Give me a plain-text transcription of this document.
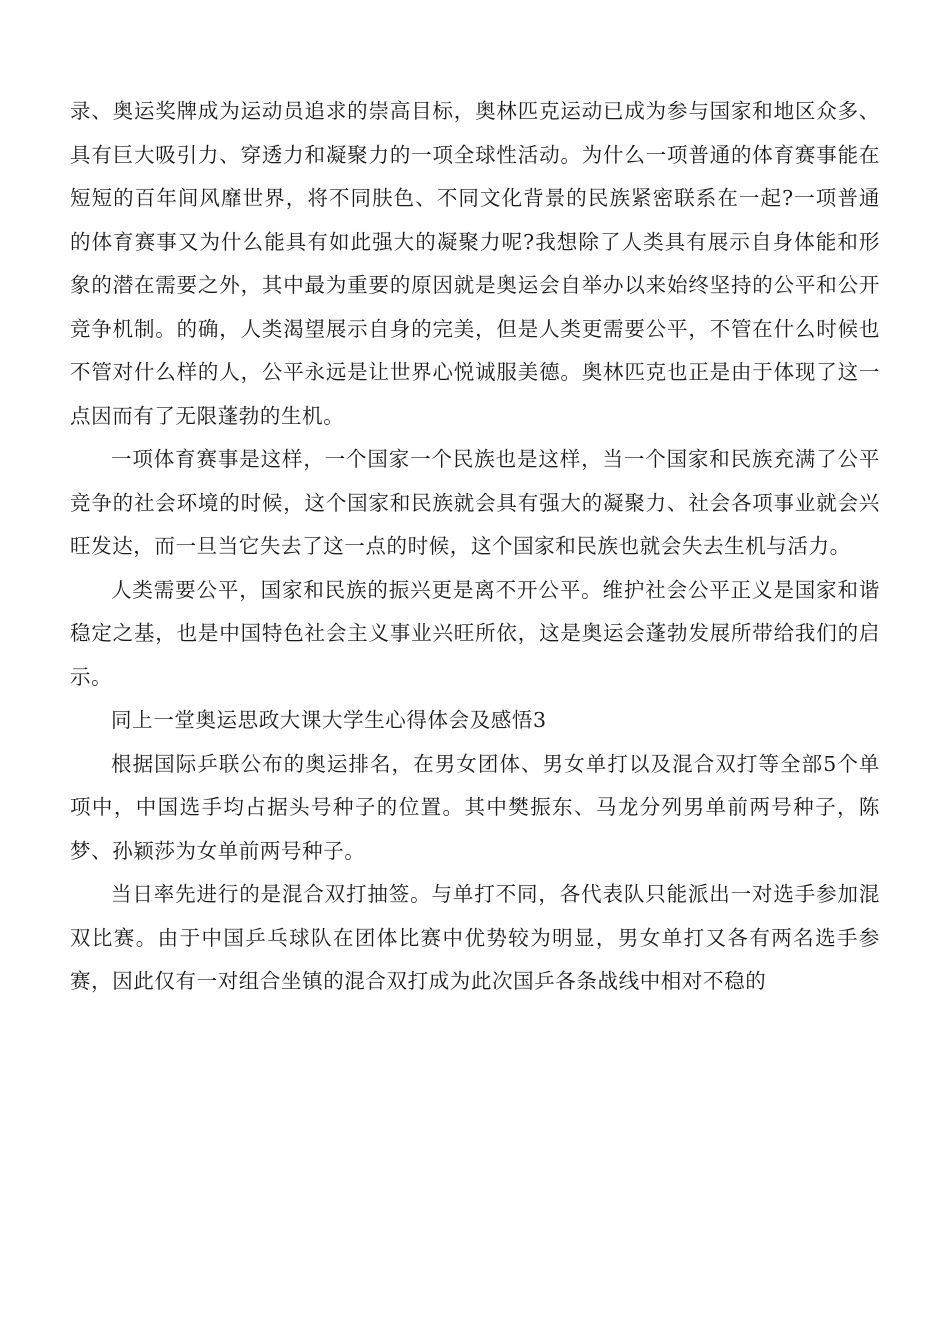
录、奥运奖牌成为运动员追求的崇高目标，奥林匹克运动已成为参与国家和地区众多、具有巨大吸引力、穿透力和凝聚力的一项全球性活动。为什么一项普通的体育赛事能在短短的百年间风靡世界，将不同肤色、不同文化背景的民族紧密联系在一起?一项普通的体育赛事又为什么能具有如此强大的凝聚力呢?我想除了人类具有展示自身体能和形象的潜在需要之外，其中最为重要的原因就是奥运会自举办以来始终坚持的公平和公开竞争机制。的确，人类渴望展示自身的完美，但是人类更需要公平，不管在什么时候也不管对什么样的人，公平永远是让世界心悦诚服美德。奥林匹克也正是由于体现了这一点因而有了无限蓬勃的生机。

一项体育赛事是这样，一个国家一个民族也是这样，当一个国家和民族充满了公平竞争的社会环境的时候，这个国家和民族就会具有强大的凝聚力、社会各项事业就会兴旺发达，而一旦当它失去了这一点的时候，这个国家和民族也就会失去生机与活力。

人类需要公平，国家和民族的振兴更是离不开公平。维护社会公平正义是国家和谐稳定之基，也是中国特色社会主义事业兴旺所依，这是奥运会蓬勃发展所带给我们的启示。

同上一堂奥运思政大课大学生心得体会及感悟3

根据国际乒联公布的奥运排名，在男女团体、男女单打以及混合双打等全部5个单项中，中国选手均占据头号种子的位置。其中樊振东、马龙分列男单前两号种子，陈梦、孙颖莎为女单前两号种子。

当日率先进行的是混合双打抽签。与单打不同，各代表队只能派出一对选手参加混双比赛。由于中国乒乓球队在团体比赛中优势较为明显，男女单打又各有两名选手参赛，因此仅有一对组合坐镇的混合双打成为此次国乒各条战线中相对不稳的
